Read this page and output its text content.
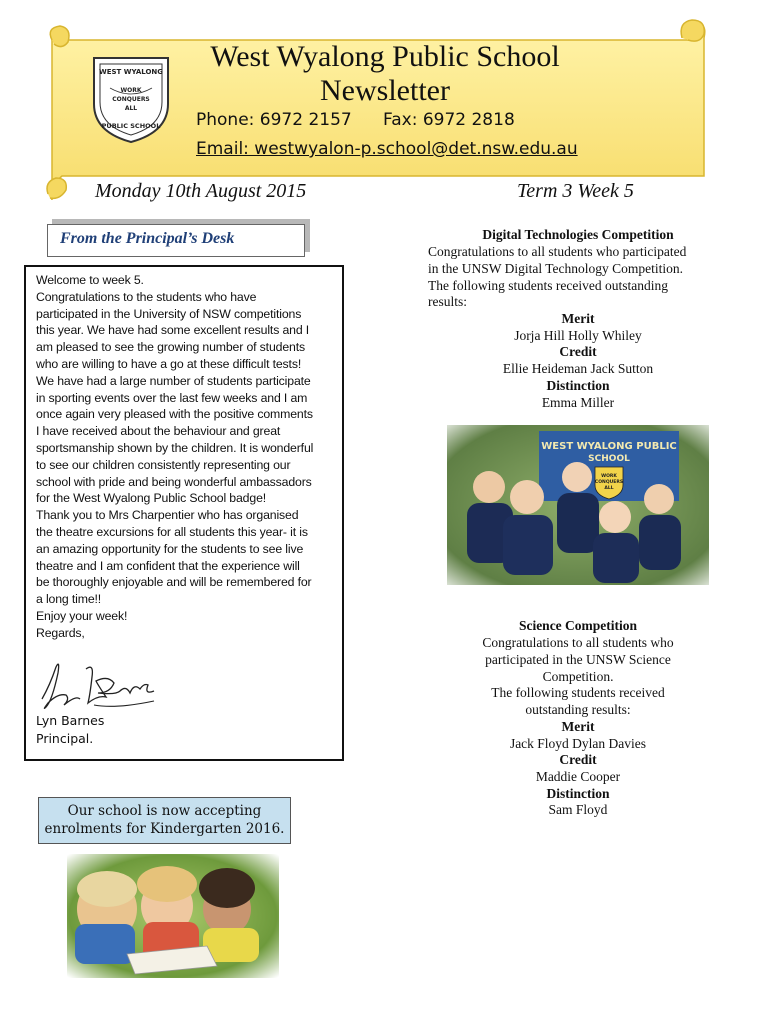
WEST WYALONG
WORK
CONQUERS
ALL
PUBLIC SCHOOL
West Wyalong Public School
Newsletter
Phone: 6972 2157 Fax: 6972 2818
Email: westwyalon-p.school@det.nsw.edu.au
Monday 10th August 2015	Term 3 Week 5
From the Principal’s Desk
Welcome to week 5.
Congratulations to the students who have
participated in the University of NSW competitions
this year. We have had some excellent results and I
am pleased to see the growing number of students
who are willing to have a go at these difficult tests!
We have had a large number of students participate
in sporting events over the last few weeks and I am
once again very pleased with the positive comments
I have received about the behaviour and great
sportsmanship shown by the children. It is wonderful
to see our children consistently representing our
school with pride and being wonderful ambassadors
for the West Wyalong Public School badge!
Thank you to Mrs Charpentier who has organised
the theatre excursions for all students this year- it is
an amazing opportunity for the students to see live
theatre and I am confident that the experience will
be thoroughly enjoyable and will be remembered for
a long time!!
Enjoy your week!
Regards,
Lyn Barnes
Principal.
Our school is now accepting
enrolments for Kindergarten 2016.
Digital Technologies Competition
Congratulations to all students who participated
in the UNSW Digital Technology Competition.
The following students received outstanding
results:
Merit
Jorja Hill Holly Whiley
Credit
Ellie Heideman Jack Sutton
Distinction
Emma Miller
WEST WYALONG PUBLIC
SCHOOL
WORK
CONQUERS
ALL
Science Competition
Congratulations to all students who
participated in the UNSW Science
Competition.
The following students received
outstanding results:
Merit
Jack Floyd Dylan Davies
Credit
Maddie Cooper
Distinction
Sam Floyd
